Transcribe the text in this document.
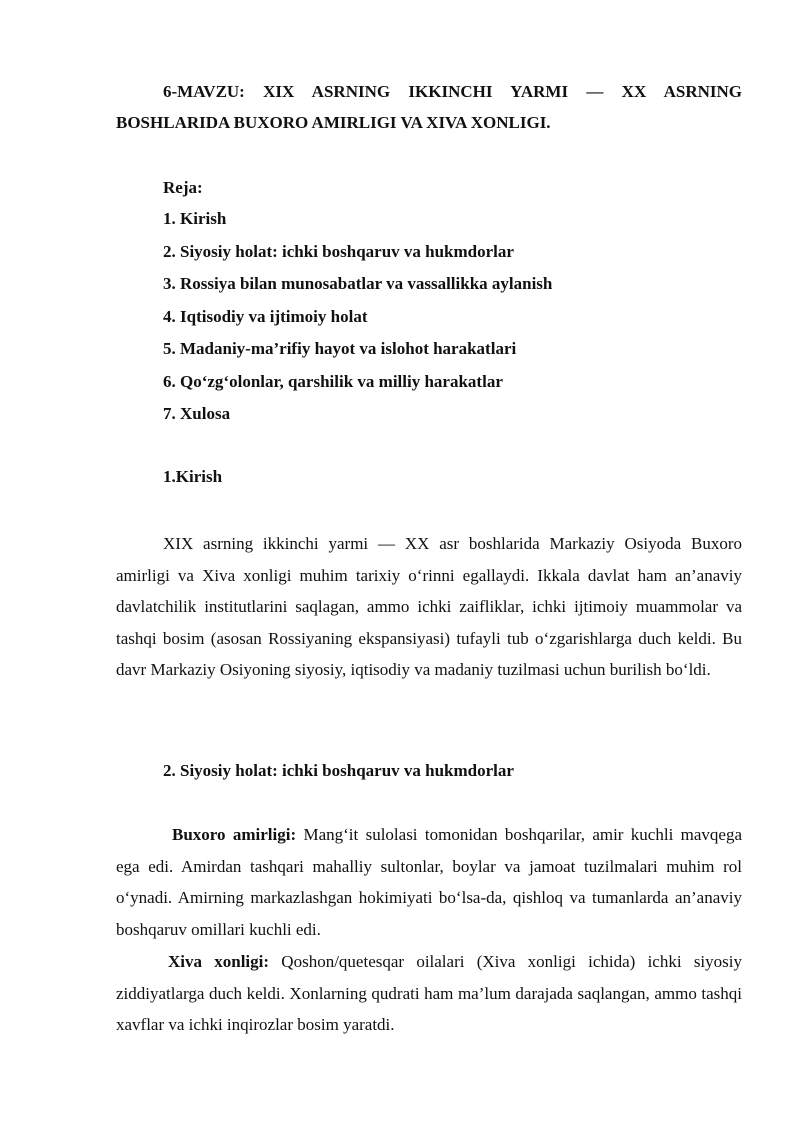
6-MAVZU: XIX ASRNING IKKINCHI YARMI — XX ASRNING BOSHLARIDA BUXORO AMIRLIGI VA XIVA XONLIGI.

Reja:

1. Kirish
2. Siyosiy holat: ichki boshqaruv va hukmdorlar
3. Rossiya bilan munosabatlar va vassallikka aylanish
4. Iqtisodiy va ijtimoiy holat
5. Madaniy-ma’rifiy hayot va islohot harakatlari
6. Qo‘zg‘olonlar, qarshilik va milliy harakatlar
7. Xulosa

1.Kirish

XIX asrning ikkinchi yarmi — XX asr boshlarida Markaziy Osiyoda Buxoro amirligi va Xiva xonligi muhim tarixiy o‘rinni egallaydi. Ikkala davlat ham an’anaviy davlatchilik institutlarini saqlagan, ammo ichki zaifliklar, ichki ijtimoiy muammolar va tashqi bosim (asosan Rossiyaning ekspansiyasi) tufayli tub o‘zgarishlarga duch keldi. Bu davr Markaziy Osiyoning siyosiy, iqtisodiy va madaniy tuzilmasi uchun burilish bo‘ldi.

2. Siyosiy holat: ichki boshqaruv va hukmdorlar

Buxoro amirligi: Mang‘it sulolasi tomonidan boshqarilar, amir kuchli mavqega ega edi. Amirdan tashqari mahalliy sultonlar, boylar va jamoat tuzilmalari muhim rol o‘ynadi. Amirning markazlashgan hokimiyati bo‘lsa-da, qishloq va tumanlarda an’anaviy boshqaruv omillari kuchli edi.

Xiva xonligi: Qoshon/quetesqar oilalari (Xiva xonligi ichida) ichki siyosiy ziddiyatlarga duch keldi. Xonlarning qudrati ham ma’lum darajada saqlangan, ammo tashqi xavflar va ichki inqirozlar bosim yaratdi.
